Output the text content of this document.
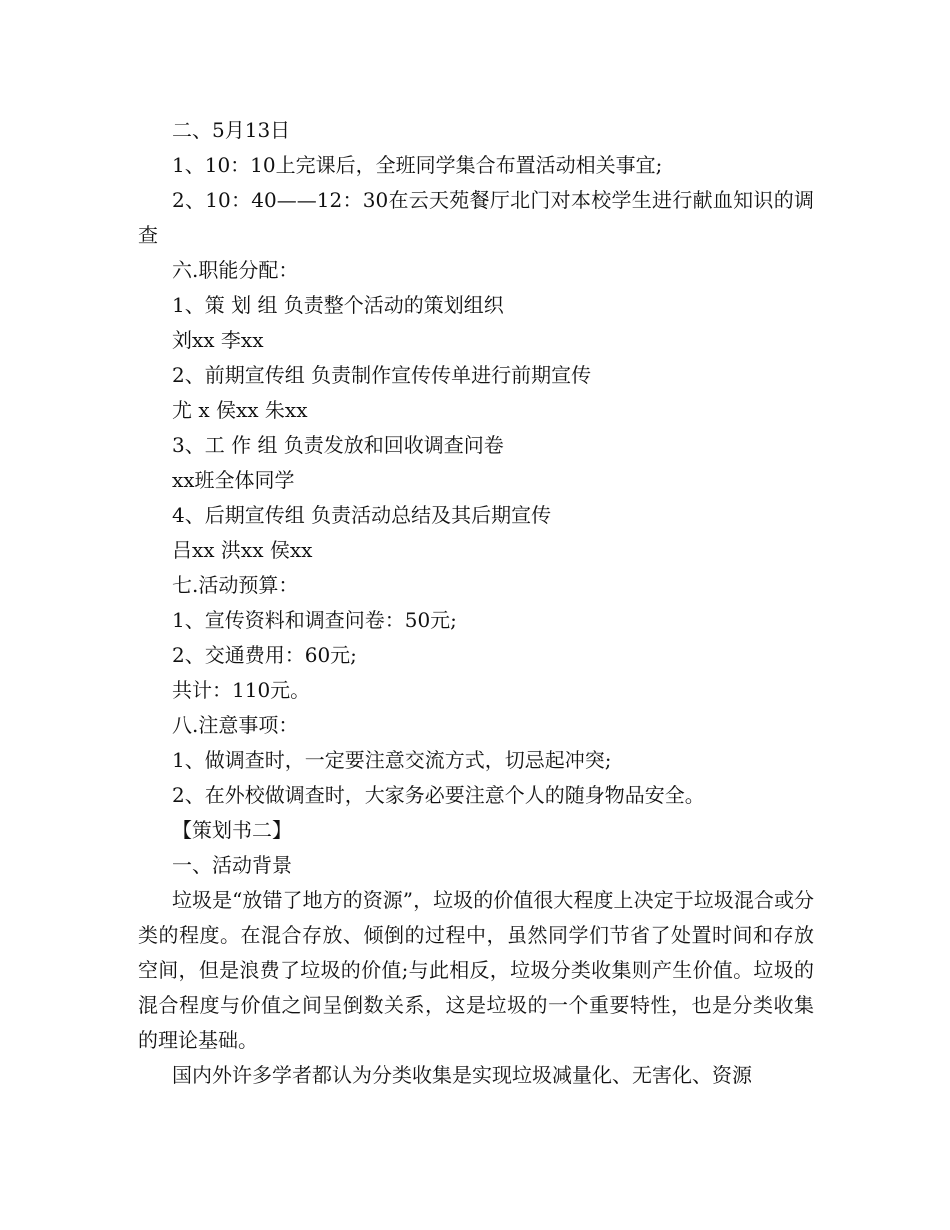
二、5月13日
1、10：10上完课后，全班同学集合布置活动相关事宜;
2、10：40——12：30在云天苑餐厅北门对本校学生进行献血知识的调查
六.职能分配：
1、策 划 组 负责整个活动的策划组织
刘xx 李xx
2、前期宣传组 负责制作宣传传单进行前期宣传
尤 x 侯xx 朱xx
3、工 作 组 负责发放和回收调查问卷
xx班全体同学
4、后期宣传组 负责活动总结及其后期宣传
吕xx 洪xx 侯xx
七.活动预算：
1、宣传资料和调查问卷：50元;
2、交通费用：60元;
共计：110元。
八.注意事项：
1、做调查时，一定要注意交流方式，切忌起冲突;
2、在外校做调查时，大家务必要注意个人的随身物品安全。
【策划书二】
一、活动背景
垃圾是“放错了地方的资源”，垃圾的价值很大程度上决定于垃圾混合或分类的程度。在混合存放、倾倒的过程中，虽然同学们节省了处置时间和存放空间，但是浪费了垃圾的价值;与此相反，垃圾分类收集则产生价值。垃圾的混合程度与价值之间呈倒数关系，这是垃圾的一个重要特性，也是分类收集的理论基础。
国内外许多学者都认为分类收集是实现垃圾减量化、无害化、资源
